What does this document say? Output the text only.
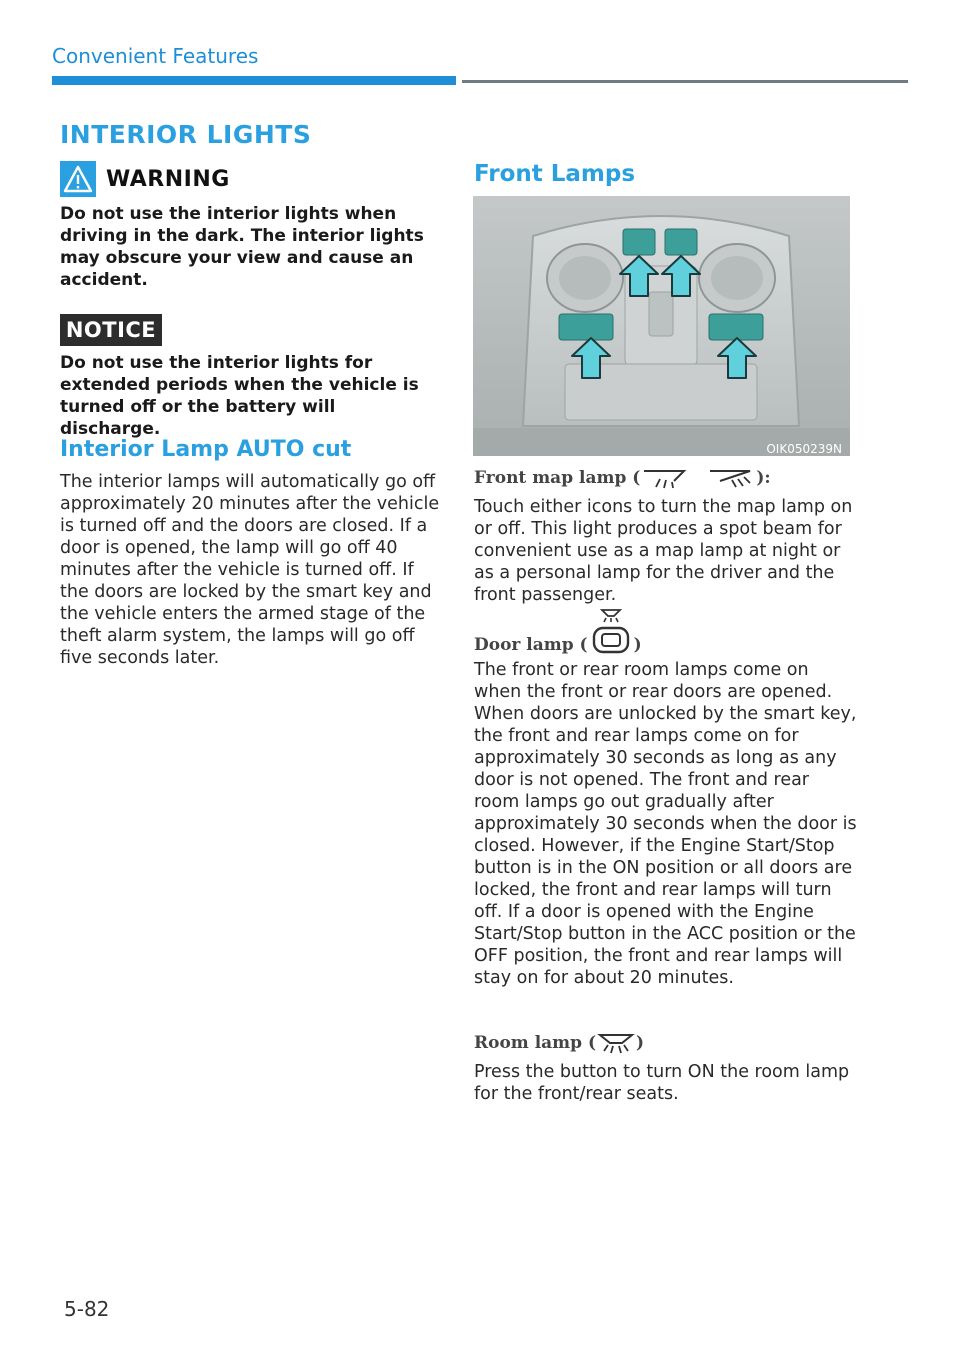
Convenient Features
INTERIOR LIGHTS
WARNING
Do not use the interior lights when driving in the dark. The interior lights may obscure your view and cause an accident.
NOTICE
Do not use the interior lights for extended periods when the vehicle is turned off or the battery will discharge.
Interior Lamp AUTO cut
The interior lamps will automatically go off approximately 20 minutes after the vehicle is turned off and the doors are closed. If a door is opened, the lamp will go off 40 minutes after the vehicle is turned off. If the doors are locked by the smart key and the vehicle enters the armed stage of the theft alarm system, the lamps will go off five seconds later.
Front Lamps
OIK050239N
Front map lamp (	):
Touch either icons to turn the map lamp on or off. This light produces a spot beam for convenient use as a map lamp at night or as a personal lamp for the driver and the front passenger.
Door lamp (	)
The front or rear room lamps come on when the front or rear doors are opened. When doors are unlocked by the smart key, the front and rear lamps come on for approximately 30 seconds as long as any door is not opened. The front and rear room lamps go out gradually after approximately 30 seconds when the door is closed. However, if the Engine Start/Stop button is in the ON position or all doors are locked, the front and rear lamps will turn off. If a door is opened with the Engine Start/Stop button in the ACC position or the OFF position, the front and rear lamps will stay on for about 20 minutes.
Room lamp ( )
Press the button to turn ON the room lamp for the front/rear seats.
5-82
